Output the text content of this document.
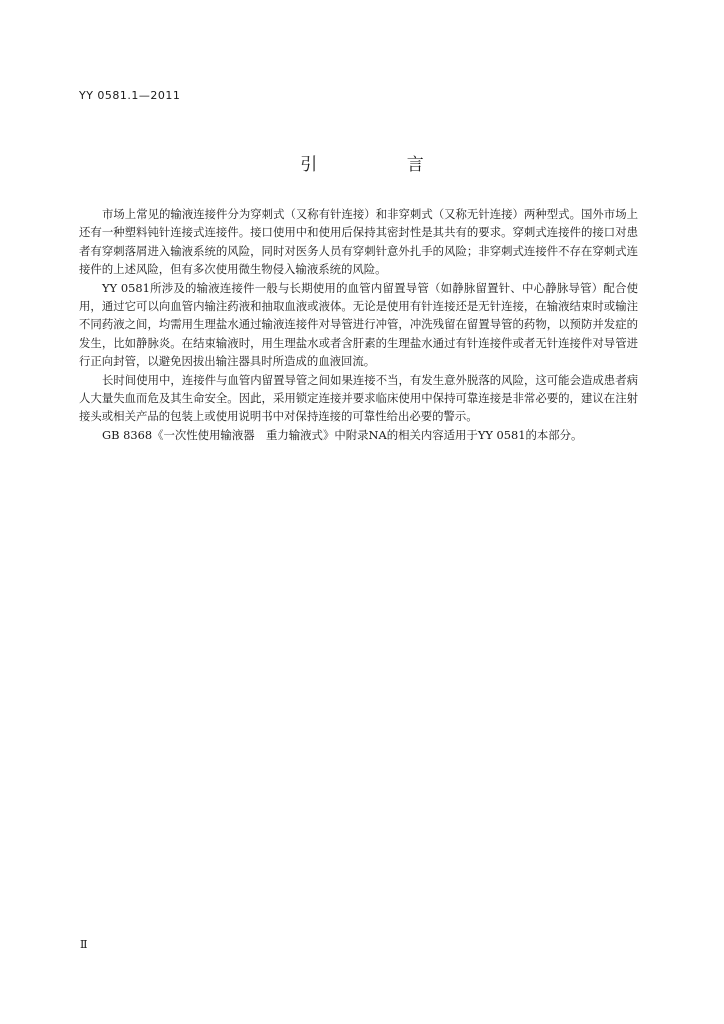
YY 0581.1—2011
引 言

市场上常见的输液连接件分为穿刺式（又称有针连接）和非穿刺式（又称无针连接）两种型式。国外市场上还有一种塑料钝针连接式连接件。接口使用中和使用后保持其密封性是其共有的要求。穿刺式连接件的接口对患者有穿刺落屑进入输液系统的风险，同时对医务人员有穿刺针意外扎手的风险；非穿刺式连接件不存在穿刺式连接件的上述风险，但有多次使用微生物侵入输液系统的风险。

YY 0581所涉及的输液连接件一般与长期使用的血管内留置导管（如静脉留置针、中心静脉导管）配合使用，通过它可以向血管内输注药液和抽取血液或液体。无论是使用有针连接还是无针连接，在输液结束时或输注不同药液之间，均需用生理盐水通过输液连接件对导管进行冲管，冲洗残留在留置导管的药物，以预防并发症的发生，比如静脉炎。在结束输液时，用生理盐水或者含肝素的生理盐水通过有针连接件或者无针连接件对导管进行正向封管，以避免因拔出输注器具时所造成的血液回流。

长时间使用中，连接件与血管内留置导管之间如果连接不当，有发生意外脱落的风险，这可能会造成患者病人大量失血而危及其生命安全。因此，采用锁定连接并要求临床使用中保持可靠连接是非常必要的，建议在注射接头或相关产品的包装上或使用说明书中对保持连接的可靠性给出必要的警示。

GB 8368《一次性使用输液器　重力输液式》中附录NA的相关内容适用于YY 0581的本部分。

Ⅱ
